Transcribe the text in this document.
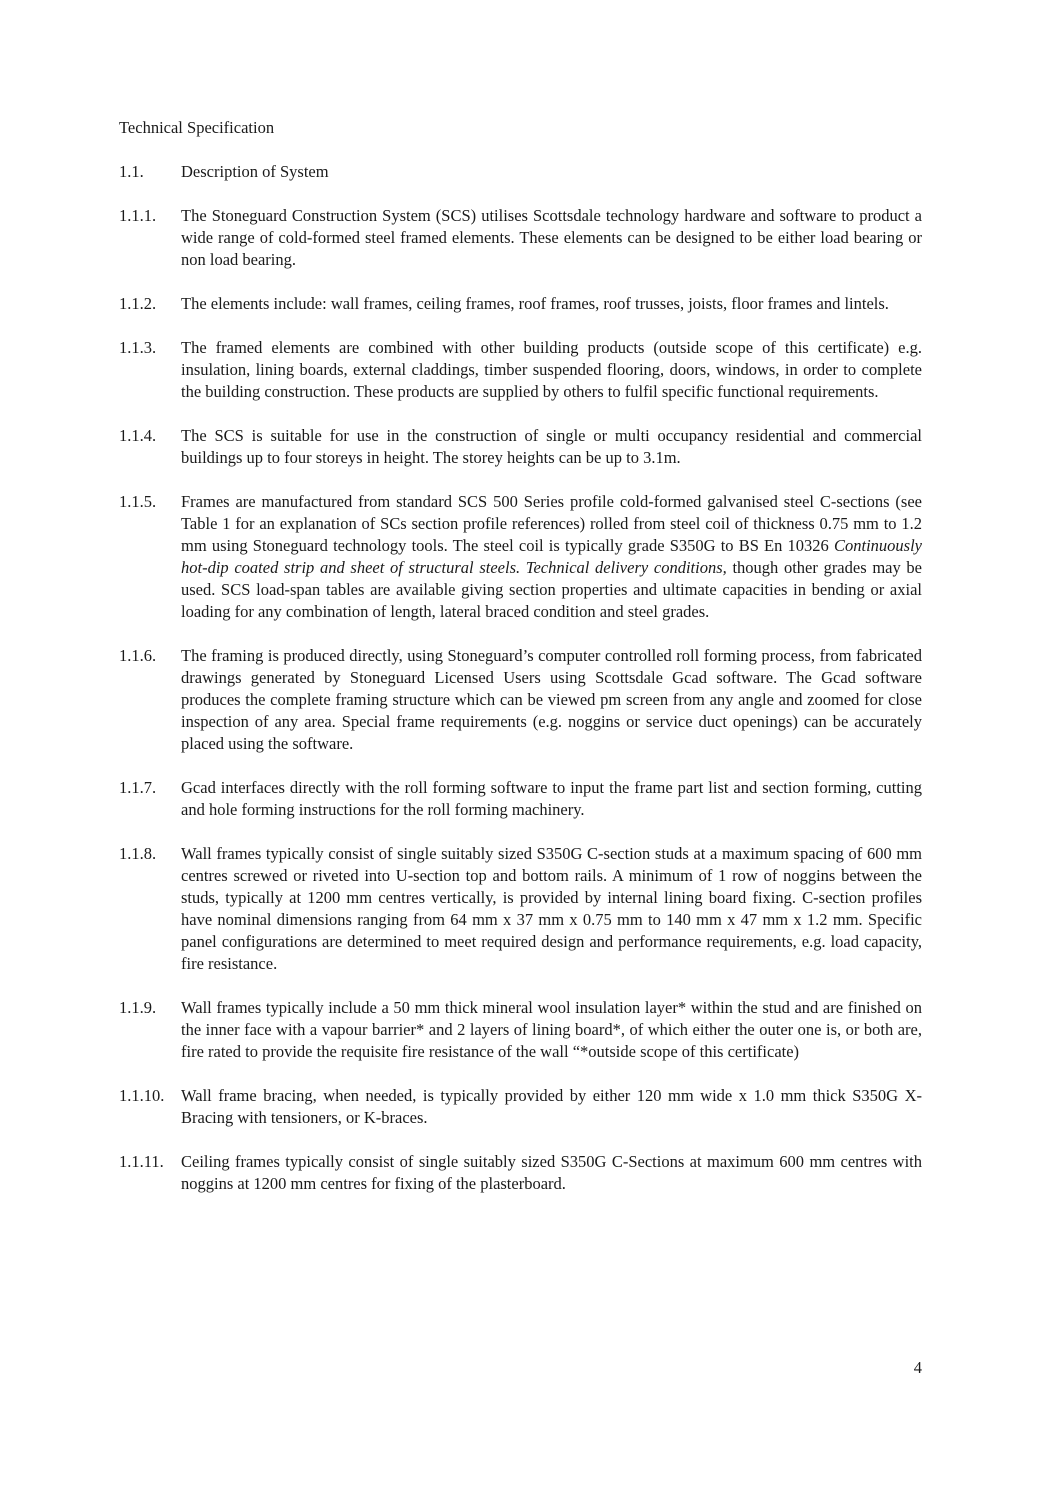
Technical Specification
1.1.	Description of System
1.1.1.	The Stoneguard Construction System (SCS) utilises Scottsdale technology hardware and software to product a wide range of cold-formed steel framed elements. These elements can be designed to be either load bearing or non load bearing.
1.1.2.	The elements include: wall frames, ceiling frames, roof frames, roof trusses, joists, floor frames and lintels.
1.1.3.	The framed elements are combined with other building products (outside scope of this certificate) e.g. insulation, lining boards, external claddings, timber suspended flooring, doors, windows, in order to complete the building construction. These products are supplied by others to fulfil specific functional requirements.
1.1.4.	The SCS is suitable for use in the construction of single or multi occupancy residential and commercial buildings up to four storeys in height. The storey heights can be up to 3.1m.
1.1.5.	Frames are manufactured from standard SCS 500 Series profile cold-formed galvanised steel C-sections (see Table 1 for an explanation of SCs section profile references) rolled from steel coil of thickness 0.75 mm to 1.2 mm using Stoneguard technology tools. The steel coil is typically grade S350G to BS En 10326 Continuously hot-dip coated strip and sheet of structural steels. Technical delivery conditions, though other grades may be used. SCS load-span tables are available giving section properties and ultimate capacities in bending or axial loading for any combination of length, lateral braced condition and steel grades.
1.1.6.	The framing is produced directly, using Stoneguard’s computer controlled roll forming process, from fabricated drawings generated by Stoneguard Licensed Users using Scottsdale Gcad software. The Gcad software produces the complete framing structure which can be viewed pm screen from any angle and zoomed for close inspection of any area. Special frame requirements (e.g. noggins or service duct openings) can be accurately placed using the software.
1.1.7.	Gcad interfaces directly with the roll forming software to input the frame part list and section forming, cutting and hole forming instructions for the roll forming machinery.
1.1.8.	Wall frames typically consist of single suitably sized S350G C-section studs at a maximum spacing of 600 mm centres screwed or riveted into U-section top and bottom rails. A minimum of 1 row of noggins between the studs, typically at 1200 mm centres vertically, is provided by internal lining board fixing. C-section profiles have nominal dimensions ranging from 64 mm x 37 mm x 0.75 mm to 140 mm x 47 mm x 1.2 mm. Specific panel configurations are determined to meet required design and performance requirements, e.g. load capacity, fire resistance.
1.1.9.	Wall frames typically include a 50 mm thick mineral wool insulation layer* within the stud and are finished on the inner face with a vapour barrier* and 2 layers of lining board*, of which either the outer one is, or both are, fire rated to provide the requisite fire resistance of the wall “*outside scope of this certificate)
1.1.10.	Wall frame bracing, when needed, is typically provided by either 120 mm wide x 1.0 mm thick S350G X-Bracing with tensioners, or K-braces.
1.1.11.	Ceiling frames typically consist of single suitably sized S350G C-Sections at maximum 600 mm centres with noggins at 1200 mm centres for fixing of the plasterboard.
4
